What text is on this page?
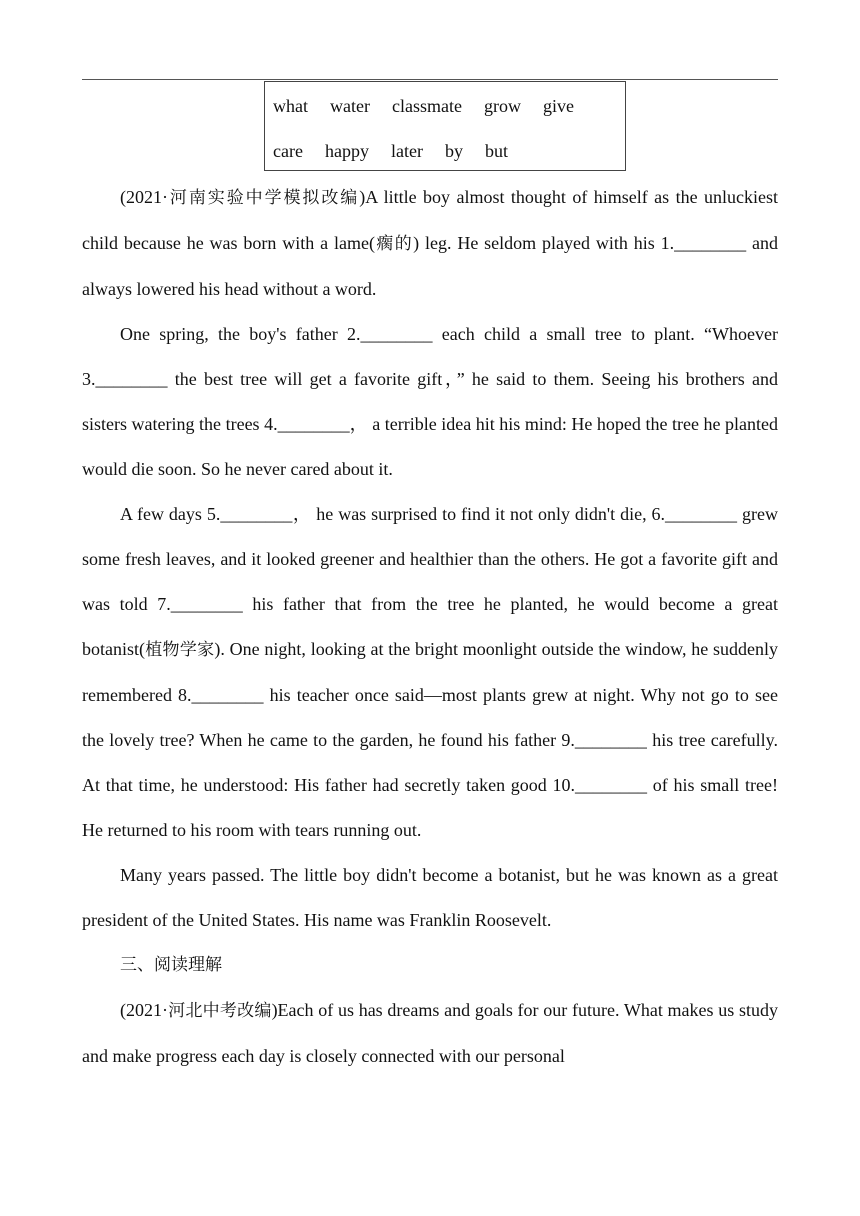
what water classmate grow give
care happy later by but

(2021·河南实验中学模拟改编)A little boy almost thought of himself as the unluckiest child because he was born with a lame(瘸的) leg. He seldom played with his 1.________ and always lowered his head without a word.

One spring, the boy's father 2.________ each child a small tree to plant. “Whoever 3.________ the best tree will get a favorite gift，” he said to them. Seeing his brothers and sisters watering the trees 4.________， a terrible idea hit his mind: He hoped the tree he planted would die soon. So he never cared about it.

A few days 5.________， he was surprised to find it not only didn't die, 6.________ grew some fresh leaves, and it looked greener and healthier than the others. He got a favorite gift and was told 7.________ his father that from the tree he planted, he would become a great botanist(植物学家). One night, looking at the bright moonlight outside the window, he suddenly remembered 8.________ his teacher once said—most plants grew at night. Why not go to see the lovely tree? When he came to the garden, he found his father 9.________ his tree carefully. At that time, he understood: His father had secretly taken good 10.________ of his small tree! He returned to his room with tears running out.

Many years passed. The little boy didn't become a botanist, but he was known as a great president of the United States. His name was Franklin Roosevelt.

三、阅读理解

(2021·河北中考改编)Each of us has dreams and goals for our future. What makes us study and make progress each day is closely connected with our personal
